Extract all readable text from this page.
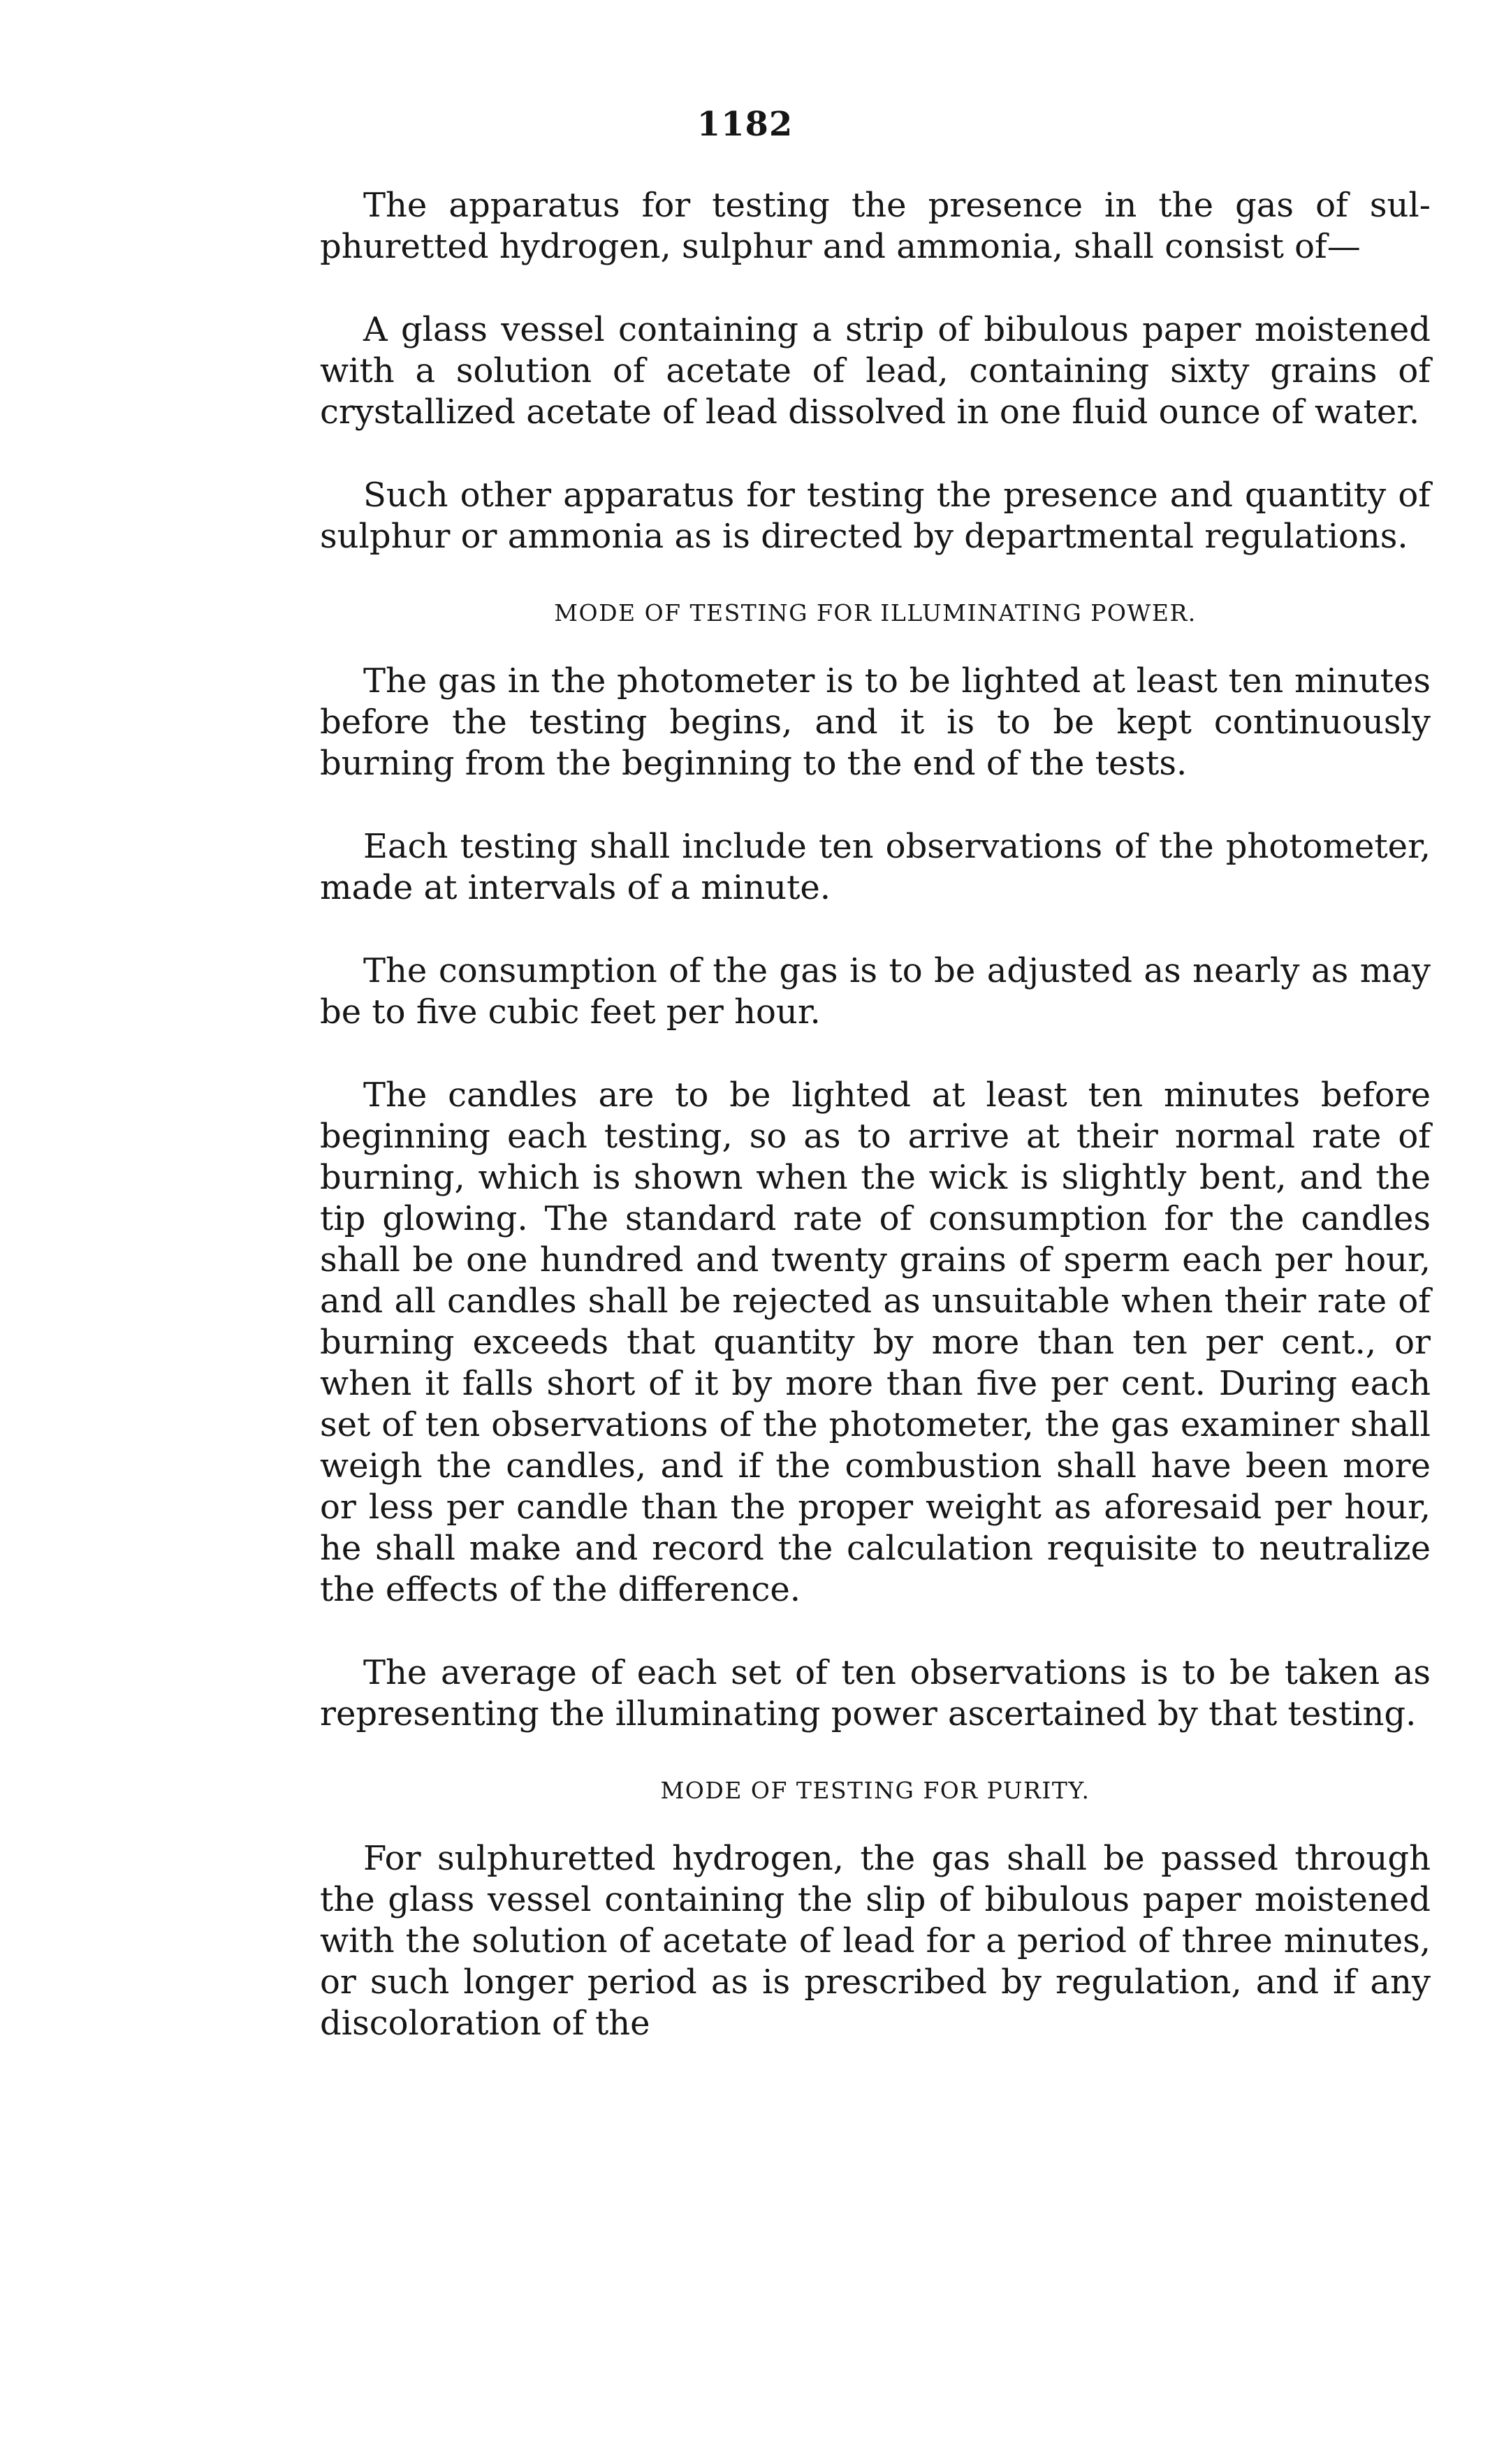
1182

The apparatus for testing the presence in the gas of sulphuretted hydrogen, sulphur and ammonia, shall consist of—

A glass vessel containing a strip of bibulous paper moistened with a solution of acetate of lead, containing sixty grains of crystallized acetate of lead dissolved in one fluid ounce of water.

Such other apparatus for testing the presence and quantity of sulphur or ammonia as is directed by departmental regulations.

MODE OF TESTING FOR ILLUMINATING POWER.

The gas in the photometer is to be lighted at least ten minutes before the testing begins, and it is to be kept continuously burning from the beginning to the end of the tests.

Each testing shall include ten observations of the photometer, made at intervals of a minute.

The consumption of the gas is to be adjusted as nearly as may be to five cubic feet per hour.

The candles are to be lighted at least ten minutes before beginning each testing, so as to arrive at their normal rate of burning, which is shown when the wick is slightly bent, and the tip glowing. The standard rate of consumption for the candles shall be one hundred and twenty grains of sperm each per hour, and all candles shall be rejected as unsuitable when their rate of burning exceeds that quantity by more than ten per cent., or when it falls short of it by more than five per cent. During each set of ten observations of the photometer, the gas examiner shall weigh the candles, and if the combustion shall have been more or less per candle than the proper weight as aforesaid per hour, he shall make and record the calculation requisite to neutralize the effects of the difference.

The average of each set of ten observations is to be taken as representing the illuminating power ascertained by that testing.

MODE OF TESTING FOR PURITY.

For sulphuretted hydrogen, the gas shall be passed through the glass vessel containing the slip of bibulous paper moistened with the solution of acetate of lead for a period of three minutes, or such longer period as is prescribed by regulation, and if any discoloration of the
